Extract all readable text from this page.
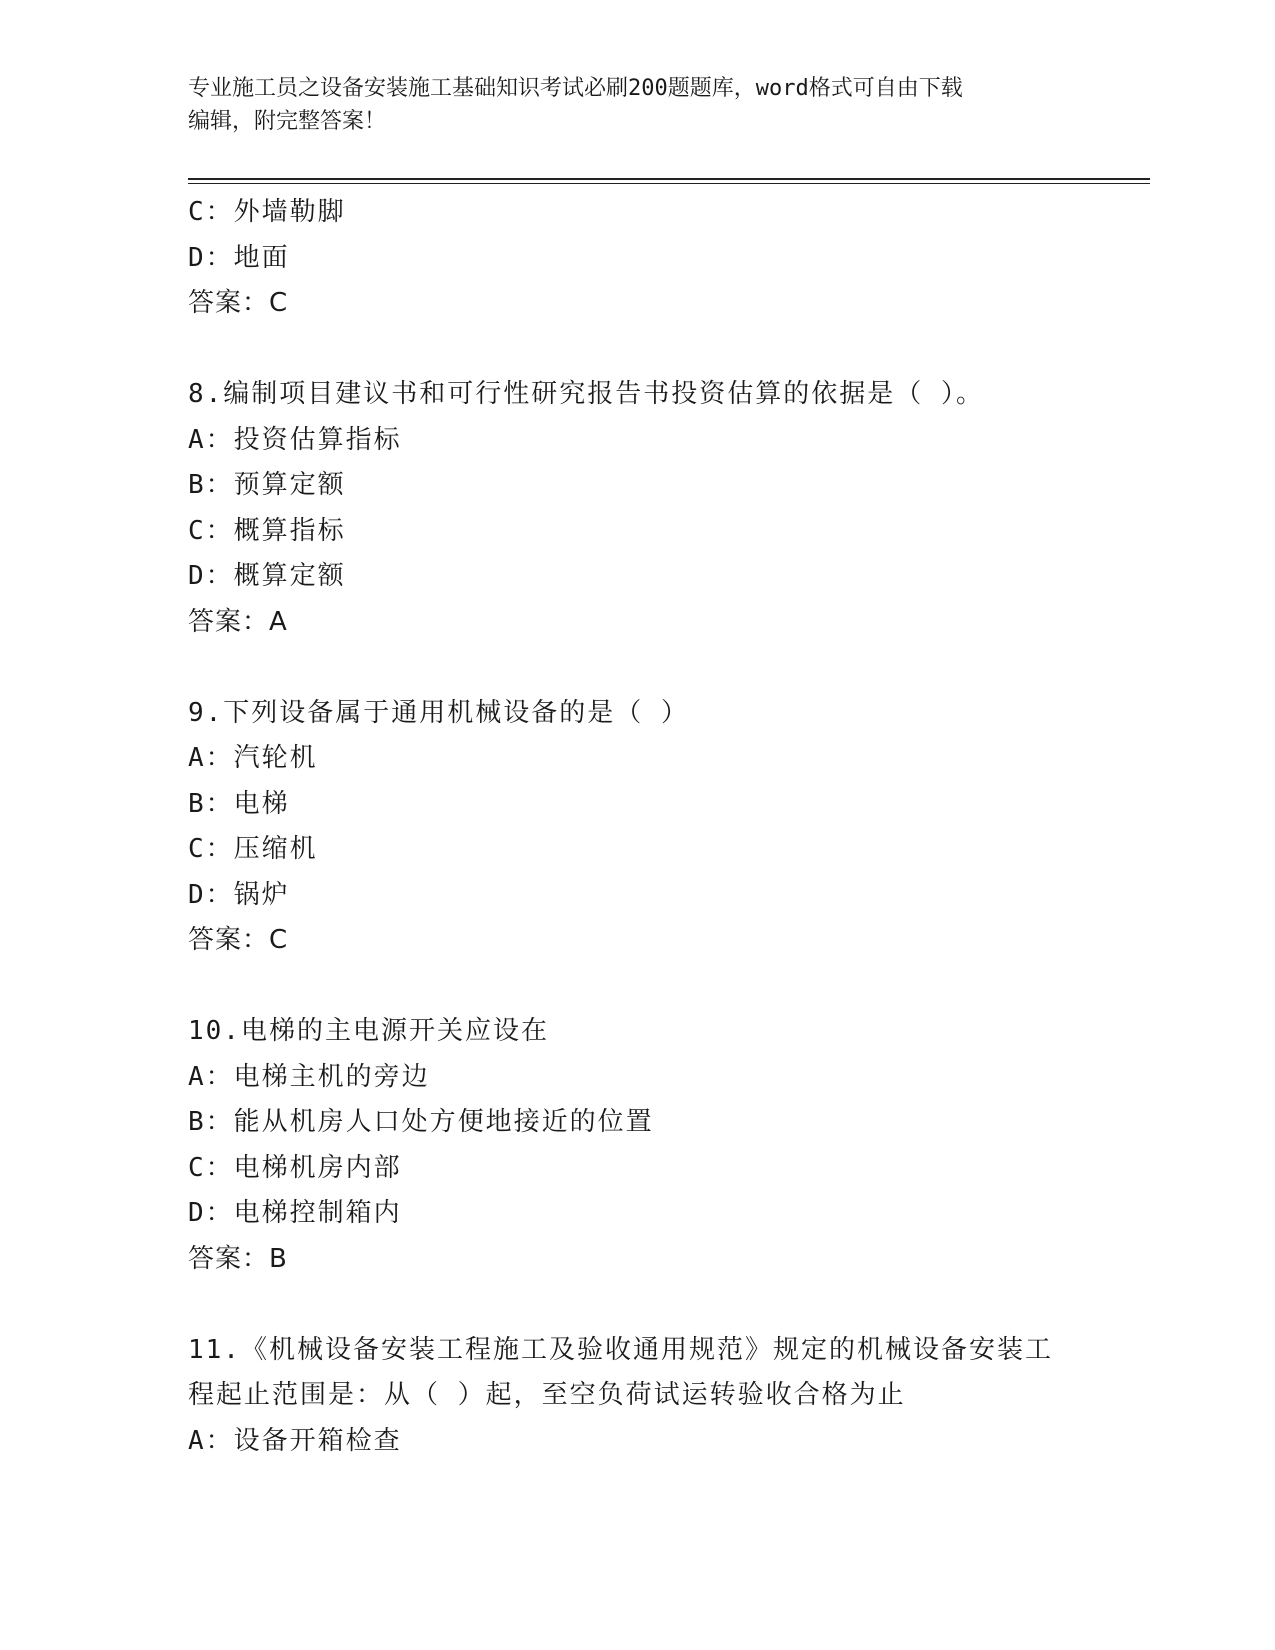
专业施工员之设备安装施工基础知识考试必刷200题题库，word格式可自由下载
编辑，附完整答案！
C：外墙勒脚
D：地面
答案：C
8.编制项目建议书和可行性研究报告书投资估算的依据是（ ）。
A：投资估算指标
B：预算定额
C：概算指标
D：概算定额
答案：A
9.下列设备属于通用机械设备的是（ ）
A：汽轮机
B：电梯
C：压缩机
D：锅炉
答案：C
10.电梯的主电源开关应设在
A：电梯主机的旁边
B：能从机房人口处方便地接近的位置
C：电梯机房内部
D：电梯控制箱内
答案：B
11.《机械设备安装工程施工及验收通用规范》规定的机械设备安装工
程起止范围是：从（ ）起，至空负荷试运转验收合格为止
A：设备开箱检查
